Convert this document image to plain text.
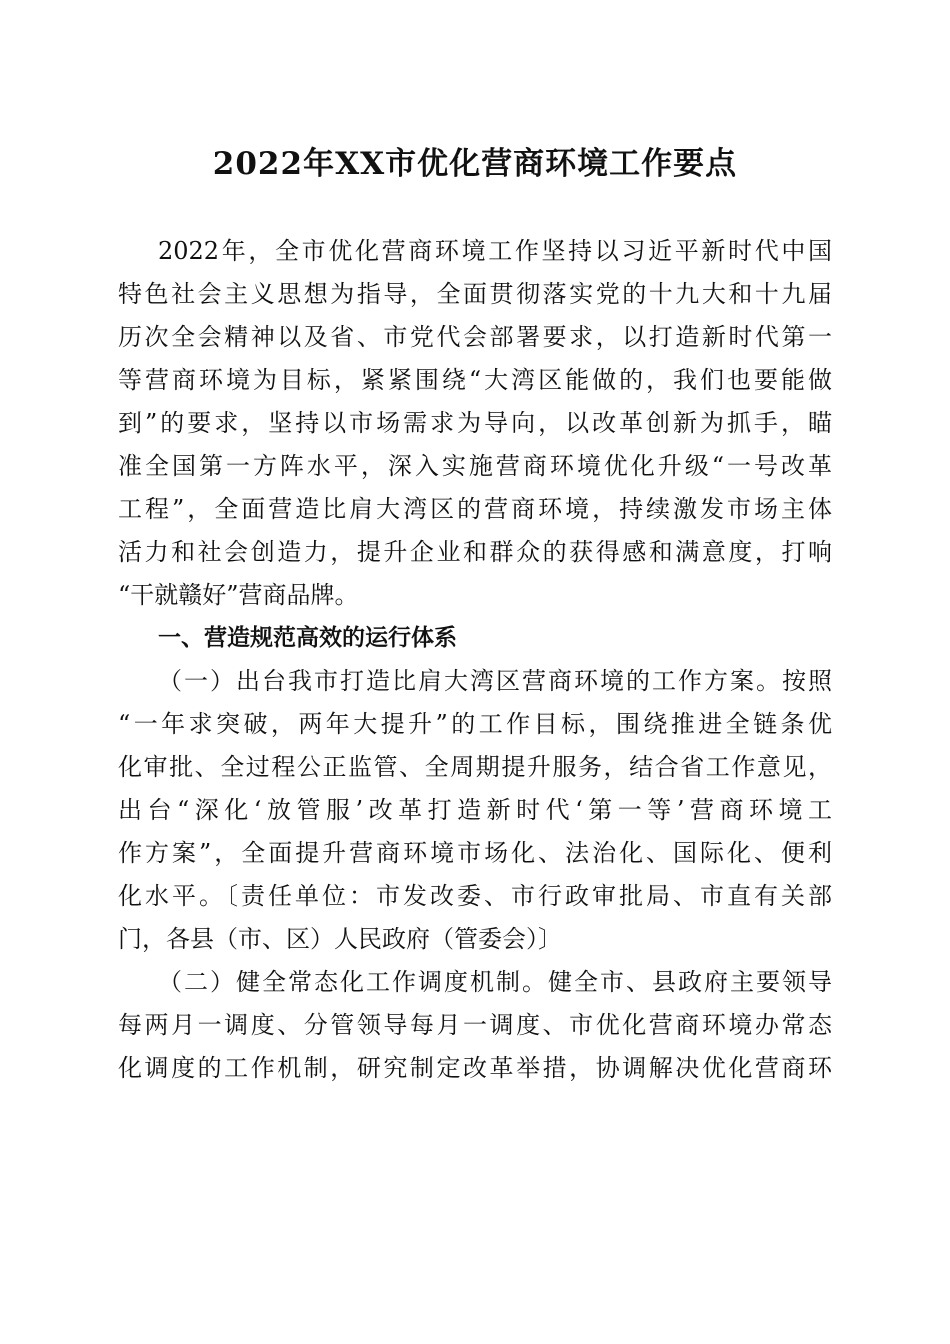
2022年XX市优化营商环境工作要点
2022年，全市优化营商环境工作坚持以习近平新时代中国
特色社会主义思想为指导，全面贯彻落实党的十九大和十九届
历次全会精神以及省、市党代会部署要求，以打造新时代第一
等营商环境为目标，紧紧围绕“大湾区能做的，我们也要能做
到”的要求，坚持以市场需求为导向，以改革创新为抓手，瞄
准全国第一方阵水平，深入实施营商环境优化升级“一号改革
工程”，全面营造比肩大湾区的营商环境，持续激发市场主体
活力和社会创造力，提升企业和群众的获得感和满意度，打响
“干就赣好”营商品牌。
一、营造规范高效的运行体系
（一）出台我市打造比肩大湾区营商环境的工作方案。按照
“一年求突破，两年大提升”的工作目标，围绕推进全链条优
化审批、全过程公正监管、全周期提升服务，结合省工作意见，
出台“深化‘放管服’改革打造新时代‘第一等’营商环境工
作方案”，全面提升营商环境市场化、法治化、国际化、便利
化水平。〔责任单位：市发改委、市行政审批局、市直有关部
门，各县（市、区）人民政府（管委会）〕
（二）健全常态化工作调度机制。健全市、县政府主要领导
每两月一调度、分管领导每月一调度、市优化营商环境办常态
化调度的工作机制，研究制定改革举措，协调解决优化营商环
